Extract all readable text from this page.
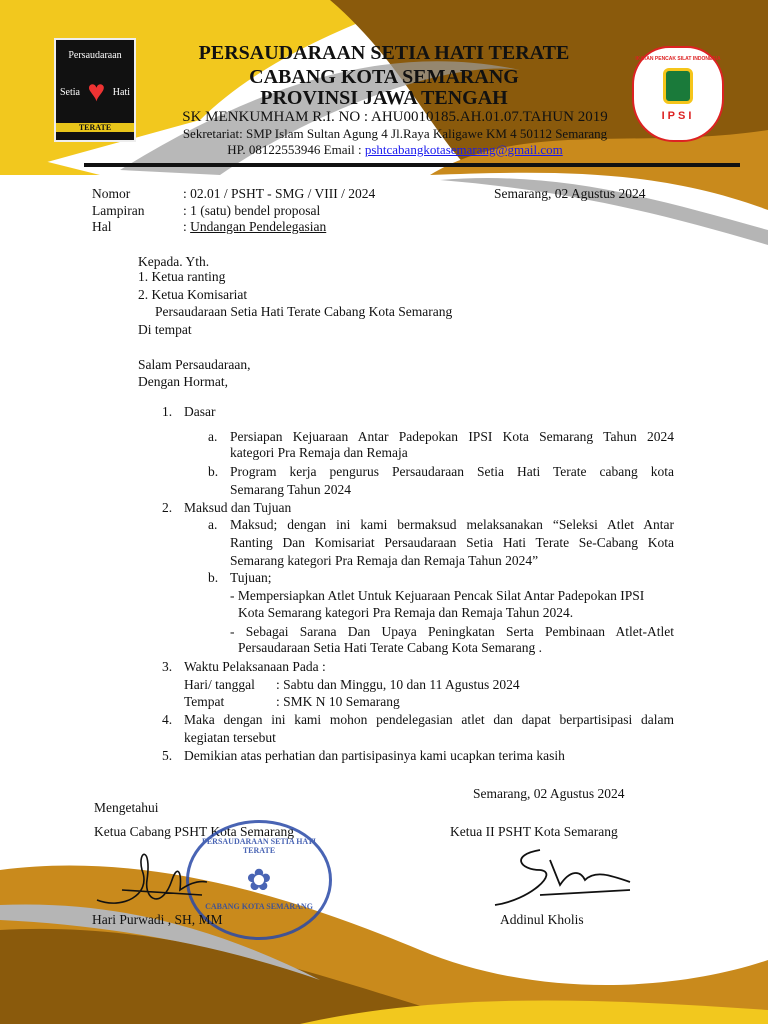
Persaudaraan
Setia ♥ Hati
TERATE
IKATAN PENCAK SILAT INDONESIA
IPSI
PERSAUDARAAN SETIA HATI TERATE
CABANG KOTA SEMARANG
PROVINSI JAWA TENGAH
SK MENKUMHAM R.I. NO : AHU0010185.AH.01.07.TAHUN 2019
Sekretariat: SMP Islam Sultan Agung 4 Jl.Raya Kaligawe KM 4 50112 Semarang
HP. 08122553946 Email : pshtcabangkotasemarang@gmail.com
Nomor	: 02.01 / PSHT - SMG / VIII / 2024	Semarang, 02 Agustus 2024
Lampiran	: 1 (satu) bendel proposal
Hal	: Undangan Pendelegasian
Kepada. Yth.
1. Ketua ranting
2. Ketua Komisariat
Persaudaraan Setia Hati Terate Cabang Kota Semarang
Di tempat
Salam Persaudaraan,
Dengan Hormat,
1. Dasar
a. Persiapan Kejuaraan Antar Padepokan IPSI Kota Semarang Tahun 2024
kategori Pra Remaja dan Remaja
b. Program kerja pengurus Persaudaraan Setia Hati Terate cabang kota
Semarang Tahun 2024
2. Maksud dan Tujuan
a. Maksud; dengan ini kami bermaksud melaksanakan “Seleksi Atlet Antar
Ranting Dan Komisariat Persaudaraan Setia Hati Terate Se-Cabang Kota
Semarang kategori Pra Remaja dan Remaja Tahun 2024”
b. Tujuan;
- Mempersiapkan Atlet Untuk Kejuaraan Pencak Silat Antar Padepokan IPSI
Kota Semarang kategori Pra Remaja dan Remaja Tahun 2024.
- Sebagai Sarana Dan Upaya Peningkatan Serta Pembinaan Atlet-Atlet
Persaudaraan Setia Hati Terate Cabang Kota Semarang .
3. Waktu Pelaksanaan Pada :
Hari/ tanggal : Sabtu dan Minggu, 10 dan 11 Agustus 2024
Tempat	: SMK N 10 Semarang
4. Maka dengan ini kami mohon pendelegasian atlet dan dapat berpartisipasi dalam
kegiatan tersebut
5. Demikian atas perhatian dan partisipasinya kami ucapkan terima kasih
Semarang, 02 Agustus 2024
Mengetahui
Ketua Cabang PSHT Kota Semarang	Ketua II PSHT Kota Semarang
PERSAUDARAAN SETIA HATI TERATE
✿
CABANG KOTA SEMARANG
Hari Purwadi , SH, MM	Addinul Kholis
